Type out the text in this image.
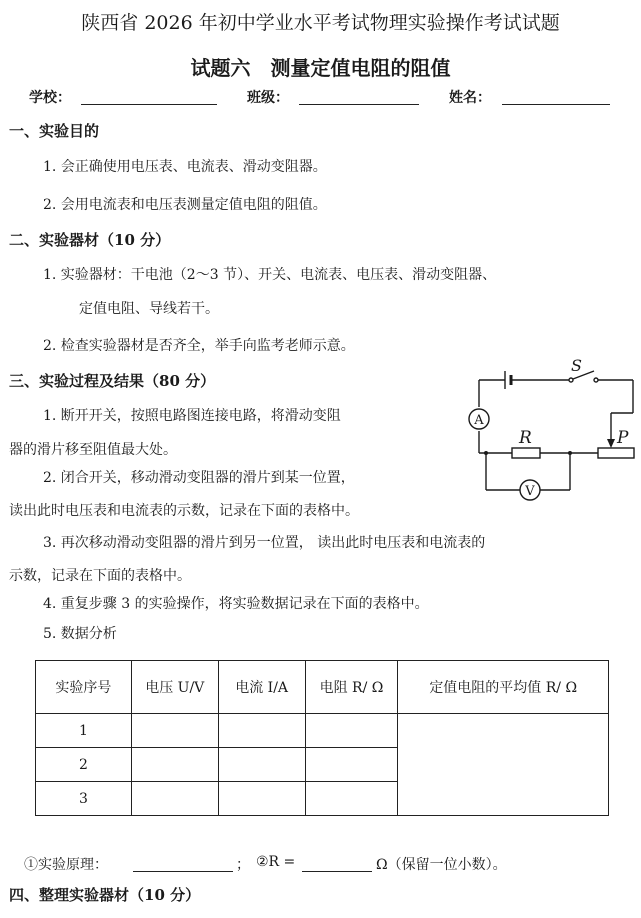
陕西省 2026 年初中学业水平考试物理实验操作考试试题
试题六　测量定值电阻的阻值
学校：	班级：	姓名：
一、实验目的
1. 会正确使用电压表、电流表、滑动变阻器。
2. 会用电流表和电压表测量定值电阻的阻值。
二、实验器材（10 分）
1. 实验器材：干电池（2～3 节）、开关、电流表、电压表、滑动变阻器、
定值电阻、导线若干。
2. 检查实验器材是否齐全，举手向监考老师示意。
三、实验过程及结果（80 分）
1. 断开开关，按照电路图连接电路，将滑动变阻
器的滑片移至阻值最大处。
2. 闭合开关，移动滑动变阻器的滑片到某一位置，
读出此时电压表和电流表的示数，记录在下面的表格中。
3. 再次移动滑动变阻器的滑片到另一位置， 读出此时电压表和电流表的
示数，记录在下面的表格中。
4. 重复步骤 3 的实验操作，将实验数据记录在下面的表格中。
5. 数据分析
S
A
R	P
V
实验序号	电压 U/V	电流 I/A	电阻 R/ Ω	定值电阻的平均值 R/ Ω
1				
2				
3				
①实验原理：	； ②R =	Ω（保留一位小数）。
四、整理实验器材（10 分）
